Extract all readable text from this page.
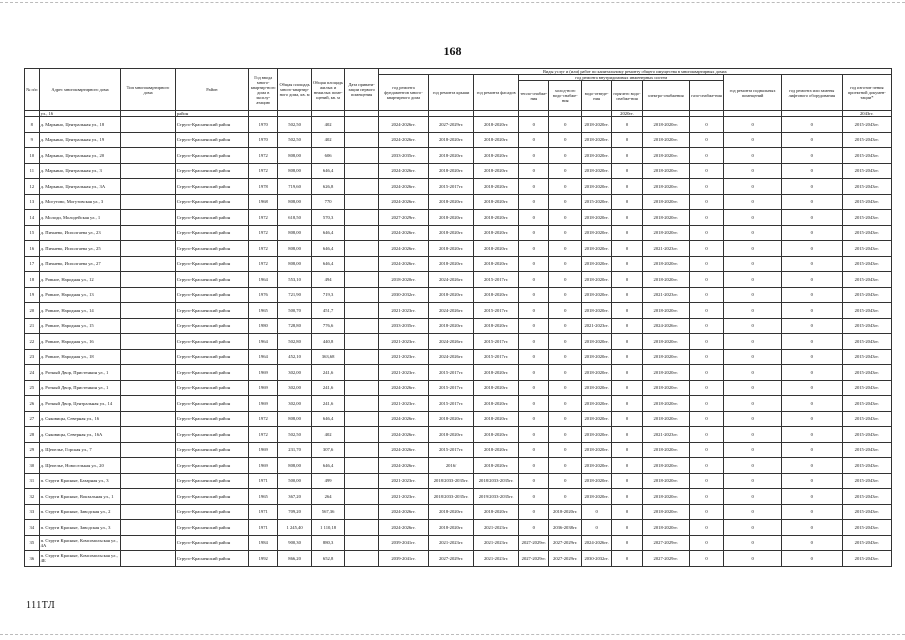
168
№ п/п	Адрес многоквартирного дома	Тип многоквартирного дома	Район	Год ввода много-квартир-ного дома в эксплу-атацию	Общая площадь много-квартир-ного дома, кв. м	Общая площадь жилых и нежилых поме-щений, кв. м	Дата привати-зации первого помещения	Виды услуг и (или) работ по капитальному ремонту общего имущества в многоквартирных домах											
								год ремонта фундаментов много-квартирного дома	год ремонта крыши	год ремонта фасадов	год ремонта внутридомовых инженерных систем						год ремонта подвальных помещений	год ремонта или замены лифтового оборудования	год изготов-ления проектной докумен-тации*
											тепло-снабже-ния	холод-ного водо-снабже-ния	водо-отведе-ния	горячего водо-снабже-ния	электро-снабжения	газо-снабже-ния			
	ул., 16		район											2020гг.					2043гг.
8	д. Марьино, Центральная ул., 18		Струго-Красненский район	1970	502,50	402		2024-2026гг.	2027-2029гг.	2018-2020гг.	0	0	2018-2020гг.	0	2018-2020гг.	0	0	0	2015-2043гг.
9	д. Марьино, Центральная ул., 19		Струго-Красненский район	1970	502,50	402		2024-2026гг.	2018-2020гг.	2018-2020гг.	0	0	2018-2020гг.	0	2018-2020гг.	0	0	0	2015-2043гг.
10	д. Марьино, Центральная ул., 20		Струго-Красненский район	1972	808,00	606		2033-2035гг.	2018-2020гг.	2018-2020гг.	0	0	2018-2020гг.	0	2018-2020гг.	0	0	0	2015-2043гг.
11	д. Марьино, Центральная ул., 3		Струго-Красненский район	1972	808,00	646,4		2024-2026гг.	2018-2020гг.	2018-2020гг.	0	0	2018-2020гг.	0	2018-2020гг.	0	0	0	2015-2043гг.
12	д. Марьино, Центральная ул., 3А		Струго-Красненский район	1978	719,60	626,8		2024-2026гг.	2015-2017гг.	2018-2020гг.	0	0	2018-2020гг.	0	2018-2020гг.	0	0	0	2015-2043гг.
13	д. Могутово, Могутовская ул., 3		Струго-Красненский район	1968	808,00	770		2024-2026гг.	2018-2020гг.	2018-2020гг.	0	0	2015-2020гг.	0	2018-2020гг.	0	0	0	2015-2043гг.
14	д. Молоди, Молодейская ул., 1		Струго-Красненский район	1972	618,50	570,3		2027-2029гг.	2018-2020гг.	2018-2020гг.	0	0	2018-2020гг.	0	2018-2020гг.	0	0	0	2015-2043гг.
15	д. Пичнево, Исполгаева ул., 23		Струго-Красненский район	1972	808,00	646,4		2024-2026гг.	2018-2020гг.	2018-2020гг.	0	0	2018-2020гг.	0	2018-2020гг.	0	0	0	2015-2043гг.
16	д. Пичнево, Исполгаева ул., 25		Струго-Красненский район	1972	808,00	646,4		2024-2026гг.	2018-2020гг.	2018-2020гг.	0	0	2018-2020гг.	0	2021-2023гг.	0	0	0	2015-2043гг.
17	д. Пичнево, Исполгаева ул., 27		Струго-Красненский район	1972	808,00	646,4		2024-2026гг.	2018-2020гг.	2018-2020гг.	0	0	2018-2020гг.	0	2018-2020гг.	0	0	0	2015-2043гг.
18	д. Ровное, Народная ул., 12		Струго-Красненский район	1964	553,10	494		2018-2020гг.	2024-2026гг.	2015-2017гг.	0	0	2018-2020гг.	0	2018-2020гг.	0	0	0	2015-2043гг.
19	д. Ровное, Народная ул., 13		Струго-Красненский район	1976	721,90	719,3		2030-2032гг.	2018-2020гг.	2018-2020гг.	0	0	2018-2020гг.	0	2021-2023гг.	0	0	0	2015-2043гг.
20	д. Ровное, Народная ул., 14		Струго-Красненский район	1965	500,70	451,7		2021-2023гг.	2024-2026гг.	2015-2017гг.	0	0	2018-2020гг.	0	2018-2020гг.	0	0	0	2015-2043гг.
21	д. Ровное, Народная ул., 15		Струго-Красненский район	1980	728,80	776,6		2033-2035гг.	2018-2020гг.	2018-2020гг.	0	0	2021-2023гг.	0	2024-2026гг.	0	0	0	2015-2043гг.
22	д. Ровное, Народная ул., 16		Струго-Красненский район	1964	502,80	440,8		2021-2023гг.	2024-2026гг.	2015-2017гг.	0	0	2018-2020гг.	0	2018-2020гг.	0	0	0	2015-2043гг.
23	д. Ровное, Народная ул., 18		Струго-Красненский район	1964	452,10	363,68		2021-2023гг.	2024-2026гг.	2015-2017гг.	0	0	2018-2020гг.	0	2018-2020гг.	0	0	0	2015-2043гг.
24	д. Ротный Двор, Пристенкин ул., 1		Струго-Красненский район	1969	302,00	241,6		2021-2023гг.	2015-2017гг.	2018-2020гг.	0	0	2018-2020гг.	0	2018-2020гг.	0	0	0	2015-2043гг.
25	д. Ротный Двор, Пристенкин ул., 1		Струго-Красненский район	1969	302,00	241,6		2024-2026гг.	2015-2017гг.	2018-2020гг.	0	0	2018-2020гг.	0	2018-2020гг.	0	0	0	2015-2043гг.
26	д. Ротный Двор, Центральная ул., 14		Струго-Красненский район	1969	302,00	241,6		2021-2023гг.	2015-2017гг.	2018-2020гг.	0	0	2018-2020гг.	0	2018-2020гг.	0	0	0	2015-2043гг.
27	д. Сяковицы, Северная ул., 16		Струго-Красненский район	1972	808,00	646,4		2024-2026гг.	2018-2020гг.	2018-2020гг.	0	0	2018-2020гг.	0	2018-2020гг.	0	0	0	2015-2043гг.
28	д. Сяковицы, Северная ул., 16А		Струго-Красненский район	1972	502,50	402		2024-2026гг.	2018-2020гг.	2018-2020гг.	0	0	2018-2020гг.	0	2021-2023гг.	0	0	0	2015-2043гг.
29	д. Щепелье, Горская ул., 7		Струго-Красненский район	1969	231,70	307,6		2024-2026гг.	2015-2017гг.	2018-2020гг.	0	0	2018-2020гг.	0	2018-2020гг.	0	0	0	2015-2043гг.
30	д. Щепелье, Новоселькая ул., 20		Струго-Красненский район	1969	808,00	646,4		2024-2026гг.	2016/	2018-2020гг.	0	0	2018-2020гг.	0	2018-2020гг.	0	0	0	2015-2043гг.
31	п. Струги Красные, Базарная ул., 3		Струго-Красненский район	1971	500,00	499		2021-2023гг.	2018/2033-2035гг.	2018/2033-2035гг.	0	0	2018-2020гг.	0	2018-2020гг.	0	0	0	2015-2043гг.
32	п. Струги Красные, Вокзальная ул., 1		Струго-Красненский район	1965	367,20	264		2021-2023гг.	2018/2033-2035гг.	2019/2033-2035гг.	0	0	2018-2020гг.	0	2018-2020гг.	0	0	0	2015-2043гг.
33	п. Струги Красные, Заводская ул., 2		Струго-Красненский район	1971	709,20	567,36		2024-2026гг.	2018-2020гг.	2018-2020гг.	0	2018-2020гг.	0	0	2018-2020гг.	0	0	0	2015-2043гг.
34	п. Струги Красные, Заводская ул., 3		Струго-Красненский район	1971	1 245,40	1 110,18		2024-2026гг.	2018-2020гг.	2021-2023гг.	0	2036-2038гг.	0	0	2018-2020гг.	0	0	0	2015-2043гг.
35	п. Струги Красные, Комсомольская ул., 4А		Струго-Красненский район	1984	900,30	880,3		2039-2041гг.	2021-2023гг.	2021-2023гг.	2027-2029гг.	2027-2029гг.	2024-2026гг.	0	2027-2029гг.	0	0	0	2015-2043гг.
36	п. Струги Красные, Комсомольская ул., 4Б		Струго-Красненский район	1992	866,20	652,8		2039-2041гг.	2027-2029гг.	2021-2023гг.	2027-2029гг.	2027-2029гг.	2030-2032гг.	0	2027-2029гг.	0	0	0	2015-2043гг.
111ТЛ
